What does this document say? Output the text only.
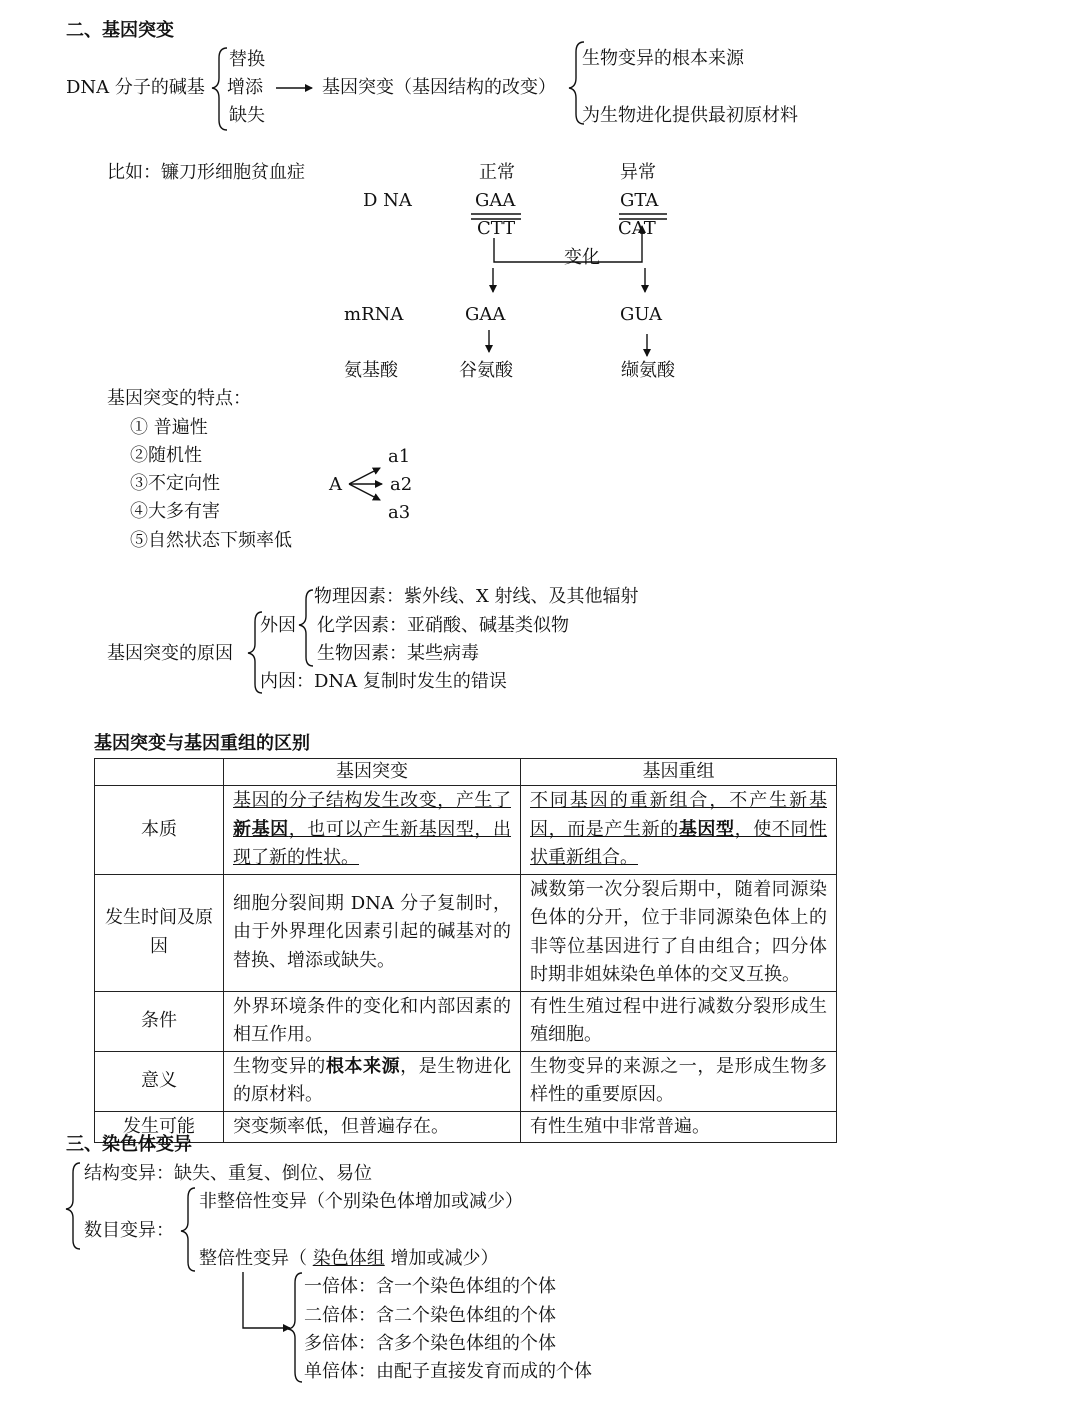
二、基因突变
DNA 分子的碱基
替换
增添
缺失
基因突变（基因结构的改变）
生物变异的根本来源
为生物进化提供最初原材料
比如：镰刀形细胞贫血症	正常	异常
D NA	GAA
CTT
GTA
CAT
变化
mRNA	GAA	GUA
氨基酸	谷氨酸	缬氨酸
基因突变的特点：
① 普遍性
②随机性
③不定向性
④大多有害
⑤自然状态下频率低
A
a1
a2
a3
基因突变的原因
外因
物理因素：紫外线、X 射线、及其他辐射
化学因素：亚硝酸、碱基类似物
生物因素：某些病毒
内因：DNA 复制时发生的错误
基因突变与基因重组的区别
	基因突变	基因重组
本质	基因的分子结构发生改变，产生了新基因，也可以产生新基因型，出现了新的性状。	不同基因的重新组合，不产生新基因，而是产生新的基因型，使不同性状重新组合。
发生时间及原因	细胞分裂间期 DNA 分子复制时，由于外界理化因素引起的碱基对的替换、增添或缺失。	减数第一次分裂后期中，随着同源染色体的分开，位于非同源染色体上的非等位基因进行了自由组合；四分体时期非姐妹染色单体的交叉互换。
条件	外界环境条件的变化和内部因素的相互作用。	有性生殖过程中进行减数分裂形成生殖细胞。
意义	生物变异的根本来源，是生物进化的原材料。	生物变异的来源之一，是形成生物多样性的重要原因。
发生可能	突变频率低，但普遍存在。	有性生殖中非常普遍。
三、染色体变异
结构变异：缺失、重复、倒位、易位
数目变异：
非整倍性变异（个别染色体增加或减少）
整倍性变异（ 染色体组 增加或减少）
一倍体：含一个染色体组的个体
二倍体：含二个染色体组的个体
多倍体：含多个染色体组的个体
单倍体：由配子直接发育而成的个体
